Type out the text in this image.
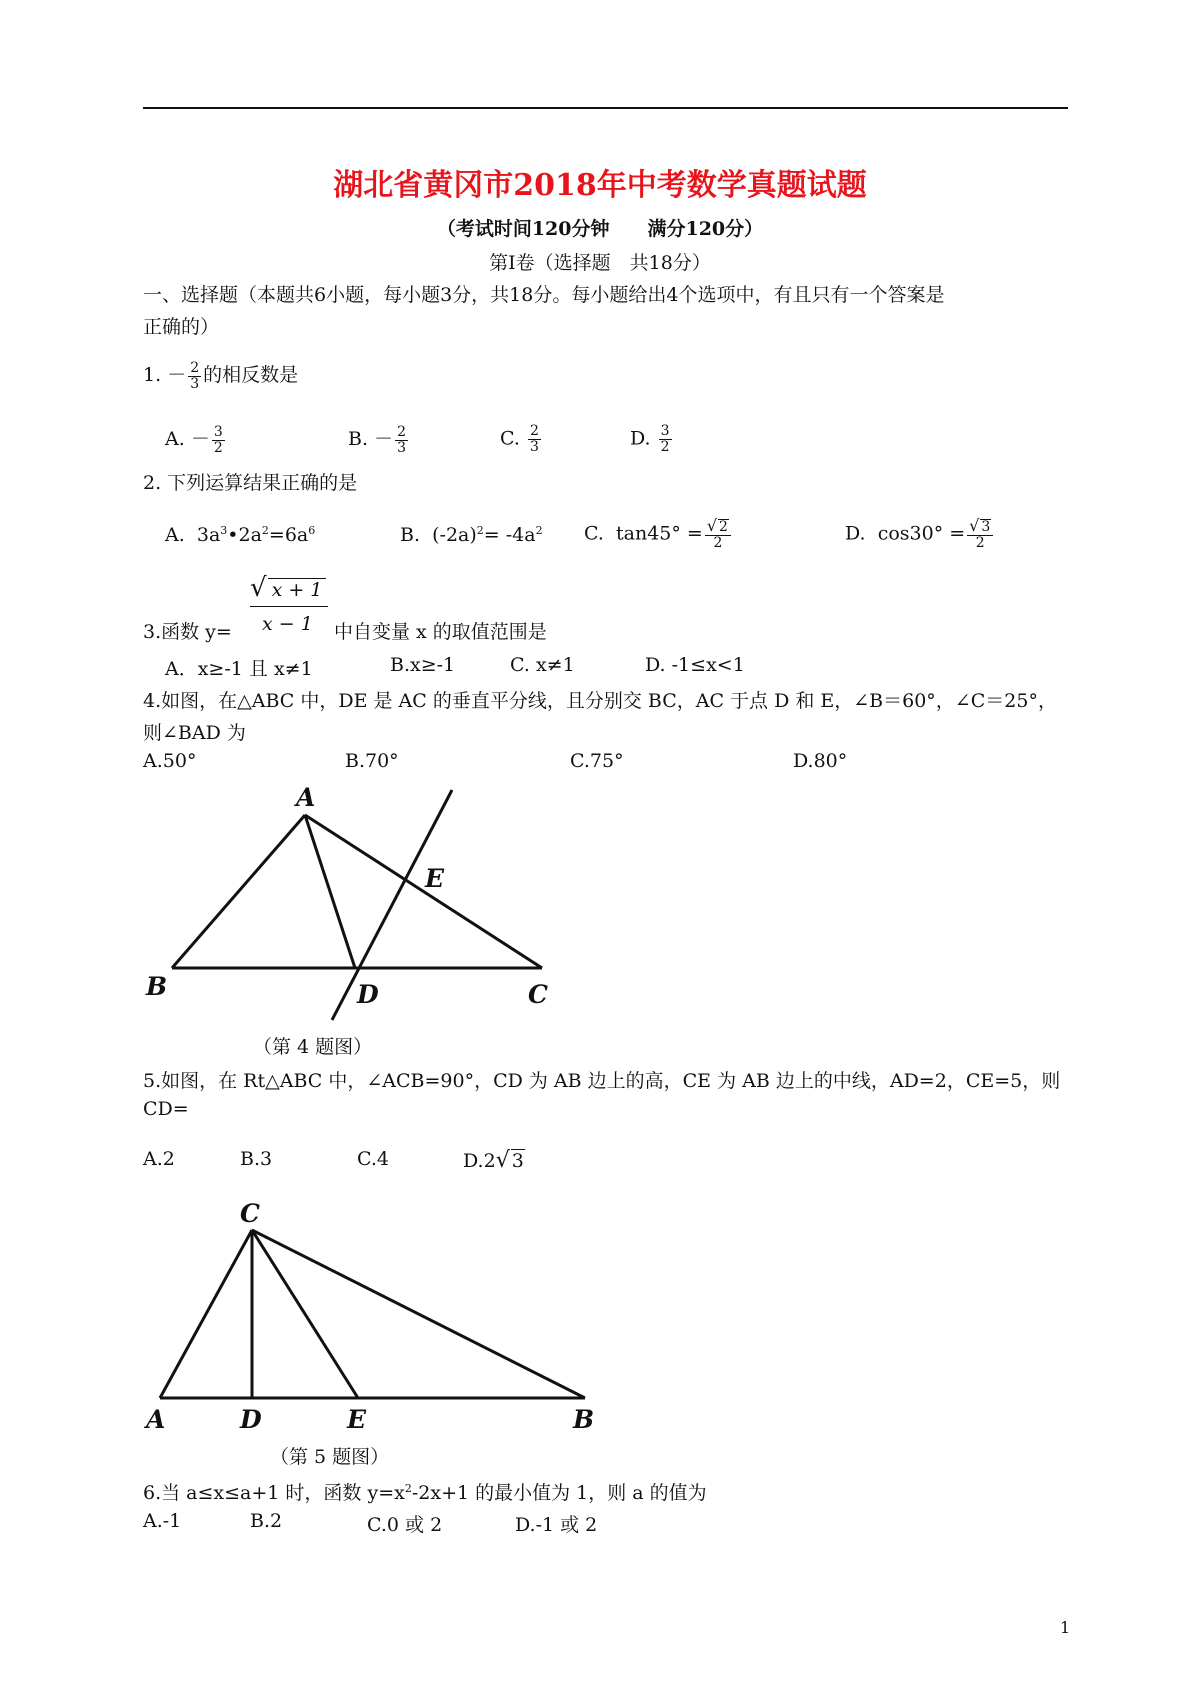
湖北省黄冈市2018年中考数学真题试题
（考试时间120分钟　　满分120分）
第Ⅰ卷（选择题　共18分）
一、选择题（本题共6小题，每小题3分，共18分。每小题给出4个选项中，有且只有一个答案是
正确的）
1. － $\frac{2}{3}$ 的相反数是
A. － $\frac{3}{2}$	B. － $\frac{2}{3}$	C. $\frac{2}{3}$	D. $\frac{3}{2}$
2. 下列运算结果正确的是
A. $3a^3•2a^2=6a^6$	B. $(-2a)^2= -4a^2$ C. $\tan 45^\circ = \frac{√ 2}{2}$	D. $\cos 30^\circ = \frac{√ 3}{2}$
3.函数 y=
√ x + 1
x − 1 中自变量 x 的取值范围是
A．x≥-1 且 x≠1	B.x≥-1	C. x≠1	D. -1≤x<1
4.如图，在△ABC 中，DE 是 AC 的垂直平分线，且分别交 BC，AC 于点 D 和 E，∠B＝60°，∠C＝25°，
则∠BAD 为
A.50°	B.70°	C.75°	D.80°
A
B	C
D
E
（第 4 题图）
5.如图，在 Rt△ABC 中，∠ACB=90°，CD 为 AB 边上的高，CE 为 AB 边上的中线，AD=2，CE=5，则
CD=
A.2	B.3	C.4	D.2√ 3
C
A	D	E	B
（第 5 题图）
6.当 a≤x≤a+1 时，函数 $y=x^2-2x+1$ 的最小值为 1，则 a 的值为
A.-1	B.2	C.0 或 2	D.-1 或 2
1
